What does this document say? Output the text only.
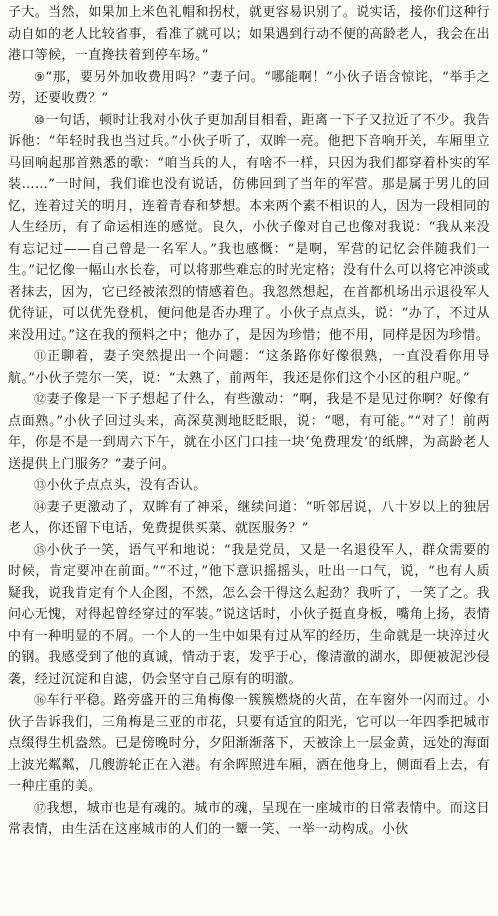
子大。当然，如果加上米色礼帽和拐杖，就更容易识别了。说实话，接你们这种行动自如的老人比较省事，看准了就可以；如果遇到行动不便的高龄老人，我会在出港口等候，一直搀扶着到停车场。”

⑨“那，要另外加收费用吗？”妻子问。“哪能啊！”小伙子语含惊诧，“举手之劳，还要收费？”

⑩一句话，顿时让我对小伙子更加刮目相看，距离一下子又拉近了不少。我告诉他：“年轻时我也当过兵。”小伙子听了，双眸一亮。他把下音响开关，车厢里立马回响起那首熟悉的歌：“咱当兵的人，有啥不一样，只因为我们都穿着朴实的军装……”一时间，我们谁也没有说话，仿佛回到了当年的军营。那是属于男儿的回忆，连着过关的明月，连着青春和梦想。本来两个素不相识的人，因为一段相同的人生经历，有了命运相连的感觉。良久，小伙子像对自己也像对我说：“我从来没有忘记过——自己曾是一名军人。”我也感慨：“是啊，军营的记忆会伴随我们一生。”记忆像一幅山水长卷，可以将那些难忘的时光定格；没有什么可以将它冲淡或者抹去，因为，它已经被浓烈的情感着色。我忽然想起，在首都机场出示退役军人优待证，可以优先登机，便问他是否办理了。小伙子点点头，说：“办了，不过从来没用过。”这在我的预料之中；他办了，是因为珍惜；他不用，同样是因为珍惜。

⑪正聊着，妻子突然提出一个问题：“这条路你好像很熟，一直没看你用导航。”小伙子莞尔一笑，说：“太熟了，前两年，我还是你们这个小区的租户呢。”

⑫妻子像是一下子想起了什么，有些激动：“啊，我是不是见过你啊？好像有点面熟。”小伙子回过头来，高深莫测地眨眨眼，说：“嗯，有可能。”“对了！前两年，你是不是一到周六下午，就在小区门口挂一块‘免费理发’的纸牌，为高龄老人送提供上门服务？”妻子问。

⑬小伙子点点头，没有否认。

⑭妻子更激动了，双眸有了神采，继续问道：“听邻居说，八十岁以上的独居老人，你还留下电话，免费提供买菜、就医服务？”

⑮小伙子一笑，语气平和地说：“我是党员，又是一名退役军人，群众需要的时候，肯定要冲在前面。”“不过，”他下意识摇摇头，吐出一口气，说，“也有人质疑我，说我肯定有个人企图，不然，怎么会干得这么起劲？我听了，一笑了之。我问心无愧，对得起曾经穿过的军装。”说这话时，小伙子挺直身板，嘴角上扬，表情中有一种明显的不屑。一个人的一生中如果有过从军的经历，生命就是一块淬过火的钢。我感受到了他的真诚，情动于衷，发乎于心，像清澈的湖水，即便被泥沙侵袭，经过沉淀和自滤，仍会坚守自己原有的明澈。

⑯车行平稳。路旁盛开的三角梅像一簇簇燃烧的火苗，在车窗外一闪而过。小伙子告诉我们，三角梅是三亚的市花，只要有适宜的阳光，它可以一年四季把城市点缀得生机盎然。已是傍晚时分，夕阳渐渐落下，天被涂上一层金黄，远处的海面上波光粼粼，几艘游轮正在入港。有余晖照进车厢，洒在他身上，侧面看上去，有一种庄重的美。

⑰我想，城市也是有魂的。城市的魂，呈现在一座城市的日常表情中。而这日常表情，由生活在这座城市的人们的一颦一笑、一举一动构成。小伙
